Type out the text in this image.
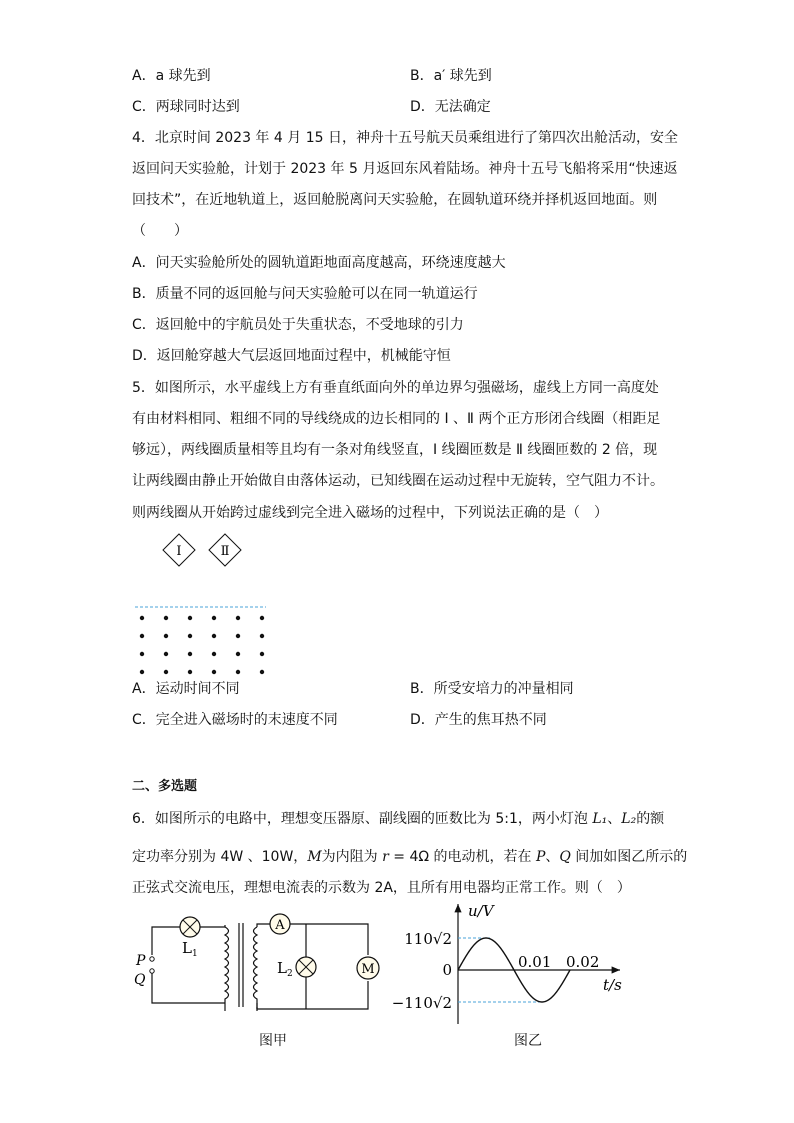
A．a 球先到	B．a′ 球先到
C．两球同时达到	D．无法确定
4．北京时间 2023 年 4 月 15 日，神舟十五号航天员乘组进行了第四次出舱活动，安全
返回问天实验舱，计划于 2023 年 5 月返回东风着陆场。神舟十五号飞船将采用“快速返
回技术”，在近地轨道上，返回舱脱离问天实验舱，在圆轨道环绕并择机返回地面。则
（　　）
A．问天实验舱所处的圆轨道距地面高度越高，环绕速度越大
B．质量不同的返回舱与问天实验舱可以在同一轨道运行
C．返回舱中的宇航员处于失重状态，不受地球的引力
D．返回舱穿越大气层返回地面过程中，机械能守恒
5．如图所示，水平虚线上方有垂直纸面向外的单边界匀强磁场，虚线上方同一高度处
有由材料相同、粗细不同的导线绕成的边长相同的 Ⅰ 、Ⅱ 两个正方形闭合线圈（相距足
够远），两线圈质量相等且均有一条对角线竖直，Ⅰ 线圈匝数是 Ⅱ 线圈匝数的 2 倍，现
让两线圈由静止开始做自由落体运动，已知线圈在运动过程中无旋转，空气阻力不计。
则两线圈从开始跨过虚线到完全进入磁场的过程中，下列说法正确的是（　）
Ⅰ	Ⅱ
A．运动时间不同	B．所受安培力的冲量相同
C．完全进入磁场时的末速度不同	D．产生的焦耳热不同
二、多选题
6．如图所示的电路中，理想变压器原、副线圈的匝数比为 5:1，两小灯泡 L₁、L₂的额
定功率分别为 4W 、10W，M为内阻为 r = 4Ω 的电动机，若在 P、Q 间加如图乙所示的
正弦式交流电压，理想电流表的示数为 2A，且所有用电器均正常工作。则（　）
L 1
A
L 2	M
P
Q
图甲
u/V
t/s
110√2
−110√2
0	0.01 0.02
图乙
